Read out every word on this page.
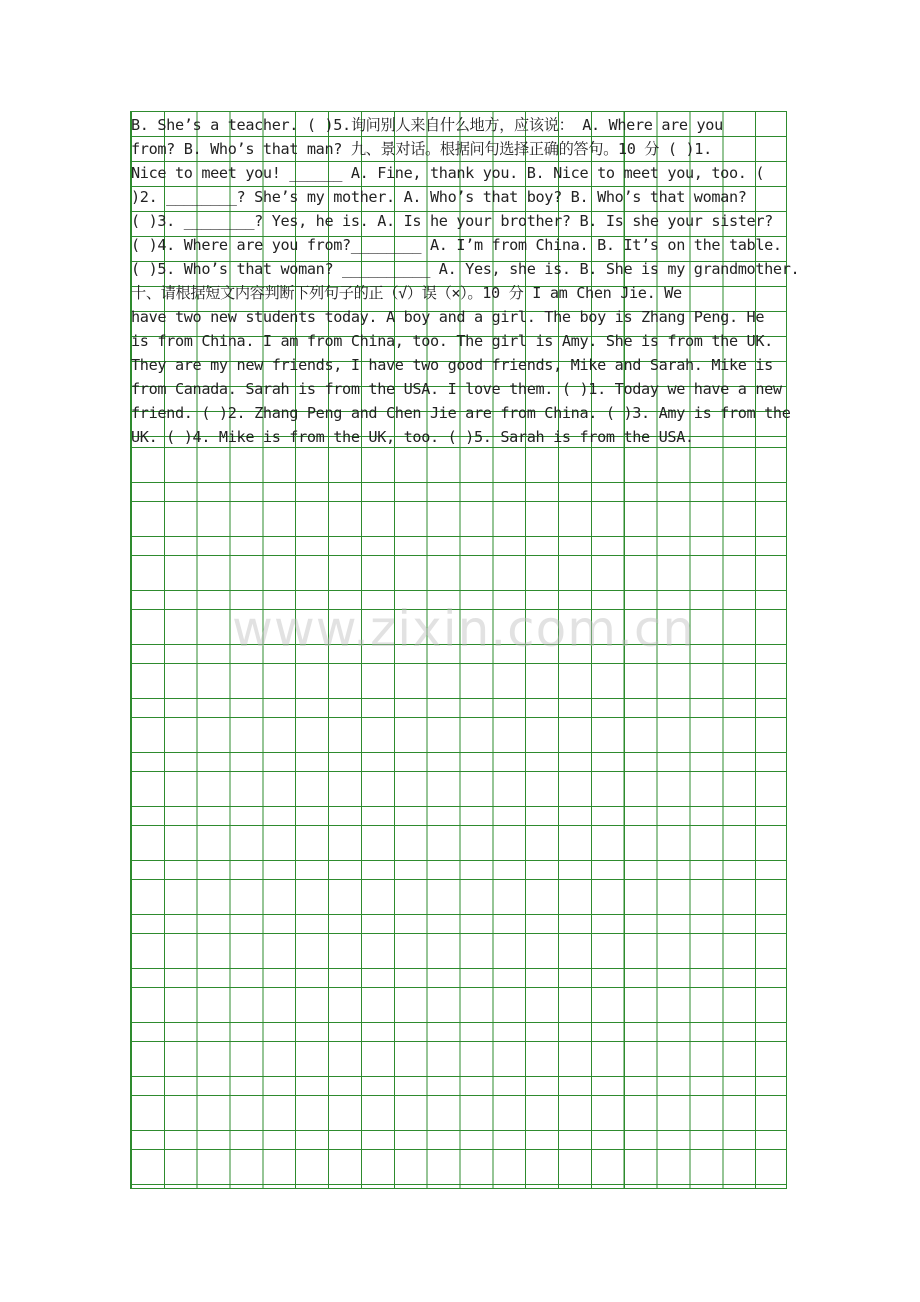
B. She’s a teacher. ( )5.询问别人来自什么地方，应该说： A. Where are you

from? B. Who’s that man? 九、景对话。根据问句选择正确的答句。10 分 ( )1.

Nice to meet you! ______ A. Fine, thank you. B. Nice to meet you, too. (

)2. ________? She’s my mother. A. Who’s that boy? B. Who’s that woman?

( )3. ________? Yes, he is. A. Is he your brother? B. Is she your sister?

( )4. Where are you from?________ A. I’m from China. B. It’s on the table.

( )5. Who’s that woman? __________ A. Yes, she is. B. She is my grandmother.

十、请根据短文内容判断下列句子的正（√）误（×）。10 分 I am Chen Jie. We

have two new students today. A boy and a girl. The boy is Zhang Peng. He

is from China. I am from China, too. The girl is Amy. She is from the UK.

They are my new friends, I have two good friends, Mike and Sarah. Mike is

from Canada. Sarah is from the USA. I love them. ( )1. Today we have a new

friend. ( )2. Zhang Peng and Chen Jie are from China. ( )3. Amy is from the

UK. ( )4. Mike is from the UK, too. ( )5. Sarah is from the USA.

www.zixin.com.cn
